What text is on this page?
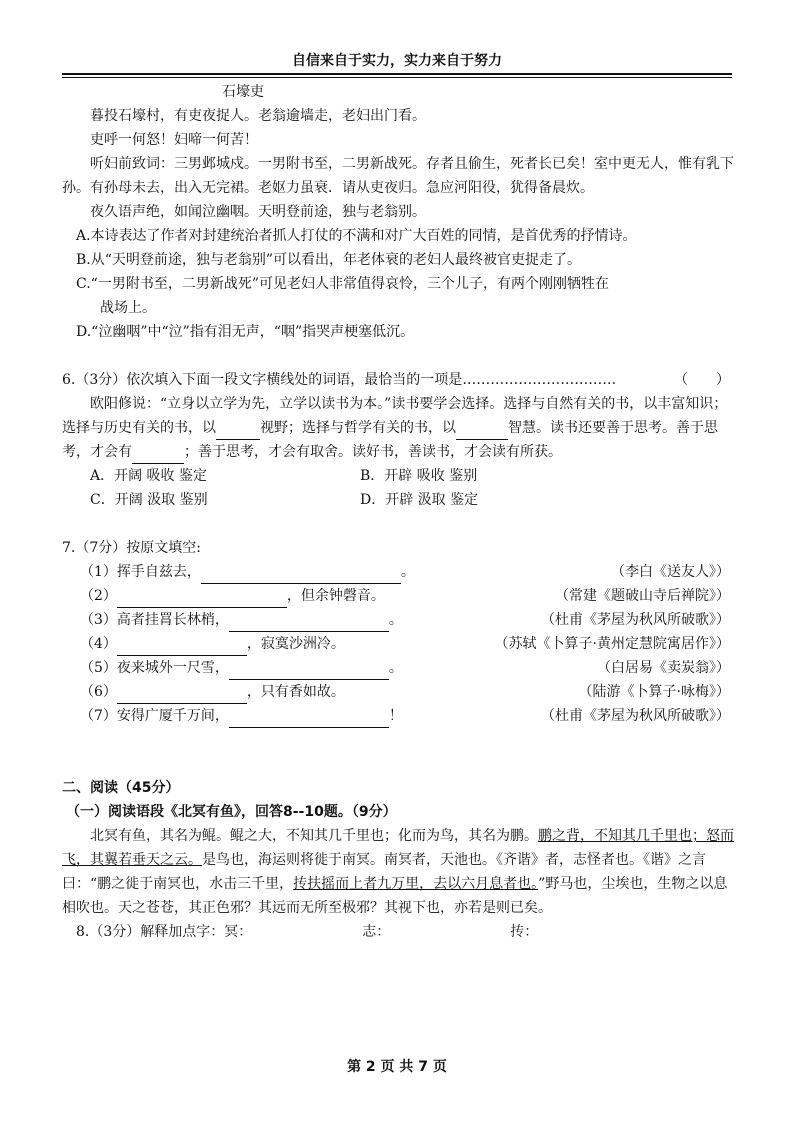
自信来自于实力，实力来自于努力

石壕吏

暮投石壕村，有吏夜捉人。老翁逾墙走，老妇出门看。

吏呼一何怒！妇啼一何苦！

听妇前致词：三男邺城戍。一男附书至，二男新战死。存者且偷生，死者长已矣！室中更无人，惟有乳下孙。有孙母未去，出入无完裙。老妪力虽衰．请从吏夜归。急应河阳役，犹得备晨炊。

夜久语声绝，如闻泣幽咽。天明登前途，独与老翁别。

A.本诗表达了作者对封建统治者抓人打仗的不满和对广大百姓的同情，是首优秀的抒情诗。

B.从“天明登前途，独与老翁别”可以看出，年老体衰的老妇人最终被官吏捉走了。

C.“一男附书至，二男新战死”可见老妇人非常值得哀怜，三个儿子，有两个刚刚牺牲在

战场上。

D.“泣幽咽”中“泣”指有泪无声，“咽”指哭声梗塞低沉。

6.（3分）依次填入下面一段文字横线处的词语，最恰当的一项是……………………………	（　　）

欧阳修说：“立身以立学为先，立学以读书为本。”读书要学会选择。选择与自然有关的书，以丰富知识；选择与历史有关的书，以	视野；选择与哲学有关的书，以	智慧。读书还要善于思考。善于思考，才会有	；善于思考，才会有取舍。读好书，善读书，才会读有所获。

A．开阔 吸收 鉴定	B．开辟 吸收 鉴别
C．开阔 汲取 鉴别	D．开辟 汲取 鉴定

7.（7分）按原文填空:

（1）挥手自兹去，	。	（李白《送友人》）
（2）	，但余钟磬音。	（常建《题破山寺后禅院》）
（3）高者挂罥长林梢，	。	（杜甫《茅屋为秋风所破歌》）
（4）	，寂寞沙洲冷。	（苏轼《卜算子·黄州定慧院寓居作》）
（5）夜来城外一尺雪，	。	（白居易《卖炭翁》）
（6）	，只有香如故。	（陆游《卜算子·咏梅》）
（7）安得广厦千万间，	！	（杜甫《茅屋为秋风所破歌》）

二、阅读（45分）

（一）阅读语段《北冥有鱼》，回答8--10题。（9分）

北冥有鱼，其名为鲲。鲲之大，不知其几千里也；化而为鸟，其名为鹏。鹏之背，不知其几千里也；怒而飞，其翼若垂天之云。是鸟也，海运则将徙于南冥。南冥者，天池也。《齐谐》者，志怪者也。《谐》之言曰：“鹏之徙于南冥也，水击三千里，抟扶摇而上者九万里，去以六月息者也。”野马也，尘埃也，生物之以息相吹也。天之苍苍，其正色邪？其远而无所至极邪？其视下也，亦若是则已矣。

8.（3分）解释加点字：冥：	志：	抟：

第 2 页 共 7 页
